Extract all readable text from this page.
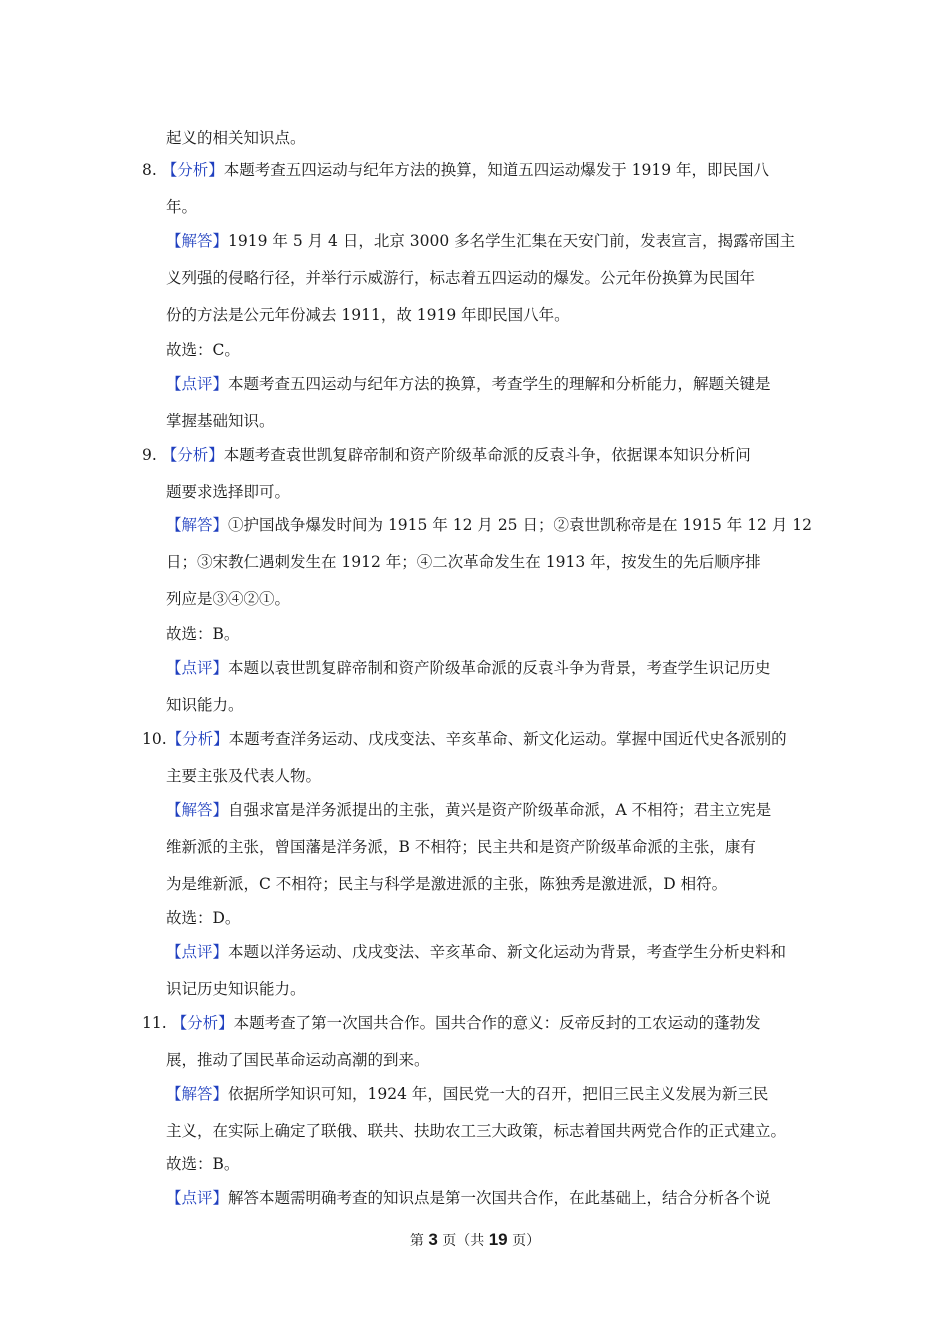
起义的相关知识点。
8. 【分析】本题考查五四运动与纪年方法的换算，知道五四运动爆发于 1919 年，即民国八
年。
【解答】1919 年 5 月 4 日，北京 3000 多名学生汇集在天安门前，发表宣言，揭露帝国主
义列强的侵略行径，并举行示威游行，标志着五四运动的爆发。公元年份换算为民国年
份的方法是公元年份减去 1911，故 1919 年即民国八年。
故选：C。
【点评】本题考查五四运动与纪年方法的换算，考查学生的理解和分析能力，解题关键是
掌握基础知识。
9. 【分析】本题考查袁世凯复辟帝制和资产阶级革命派的反袁斗争，依据课本知识分析问
题要求选择即可。
【解答】①护国战争爆发时间为 1915 年 12 月 25 日；②袁世凯称帝是在 1915 年 12 月 12
日；③宋教仁遇刺发生在 1912 年；④二次革命发生在 1913 年，按发生的先后顺序排
列应是③④②①。
故选：B。
【点评】本题以袁世凯复辟帝制和资产阶级革命派的反袁斗争为背景，考查学生识记历史
知识能力。
10.【分析】本题考查洋务运动、戊戌变法、辛亥革命、新文化运动。掌握中国近代史各派别的
主要主张及代表人物。
【解答】自强求富是洋务派提出的主张，黄兴是资产阶级革命派，A 不相符；君主立宪是
维新派的主张，曾国藩是洋务派，B 不相符；民主共和是资产阶级革命派的主张，康有
为是维新派，C 不相符；民主与科学是激进派的主张，陈独秀是激进派，D 相符。
故选：D。
【点评】本题以洋务运动、戊戌变法、辛亥革命、新文化运动为背景，考查学生分析史料和
识记历史知识能力。
11. 【分析】本题考查了第一次国共合作。国共合作的意义：反帝反封的工农运动的蓬勃发
展，推动了国民革命运动高潮的到来。
【解答】依据所学知识可知，1924 年，国民党一大的召开，把旧三民主义发展为新三民
主义，在实际上确定了联俄、联共、扶助农工三大政策，标志着国共两党合作的正式建立。
故选：B。
【点评】解答本题需明确考查的知识点是第一次国共合作，在此基础上，结合分析各个说
第 3 页（共 19 页）
